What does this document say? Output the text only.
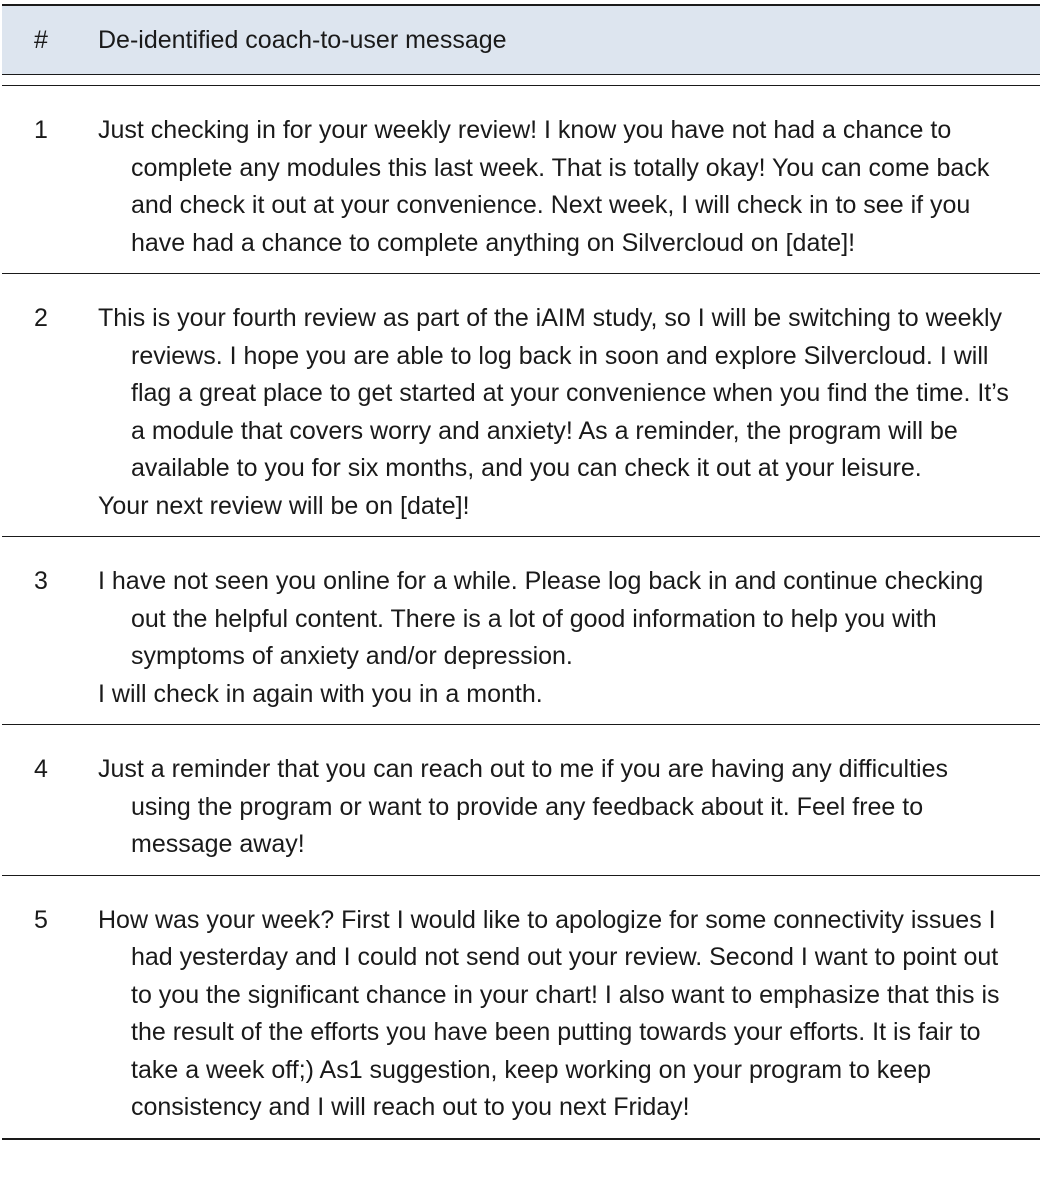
#	De-identified coach-to-user message
1	Just checking in for your weekly review! I know you have not had a chance to complete any modules this last week. That is totally okay! You can come back and check it out at your convenience. Next week, I will check in to see if you have had a chance to complete anything on Silvercloud on [date]!

2	This is your fourth review as part of the iAIM study, so I will be switching to weekly reviews. I hope you are able to log back in soon and explore Silvercloud. I will flag a great place to get started at your convenience when you find the time. It’s a module that covers worry and anxiety! As a reminder, the program will be available to you for six months, and you can check it out at your leisure.

Your next review will be on [date]!

3	I have not seen you online for a while. Please log back in and continue checking out the helpful content. There is a lot of good information to help you with symptoms of anxiety and/or depression.

I will check in again with you in a month.

4	Just a reminder that you can reach out to me if you are having any difficulties using the program or want to provide any feedback about it. Feel free to message away!

5	How was your week? First I would like to apologize for some connectivity issues I had yesterday and I could not send out your review. Second I want to point out to you the significant chance in your chart! I also want to emphasize that this is the result of the efforts you have been putting towards your efforts. It is fair to take a week off;) As1 suggestion, keep working on your program to keep consistency and I will reach out to you next Friday!
